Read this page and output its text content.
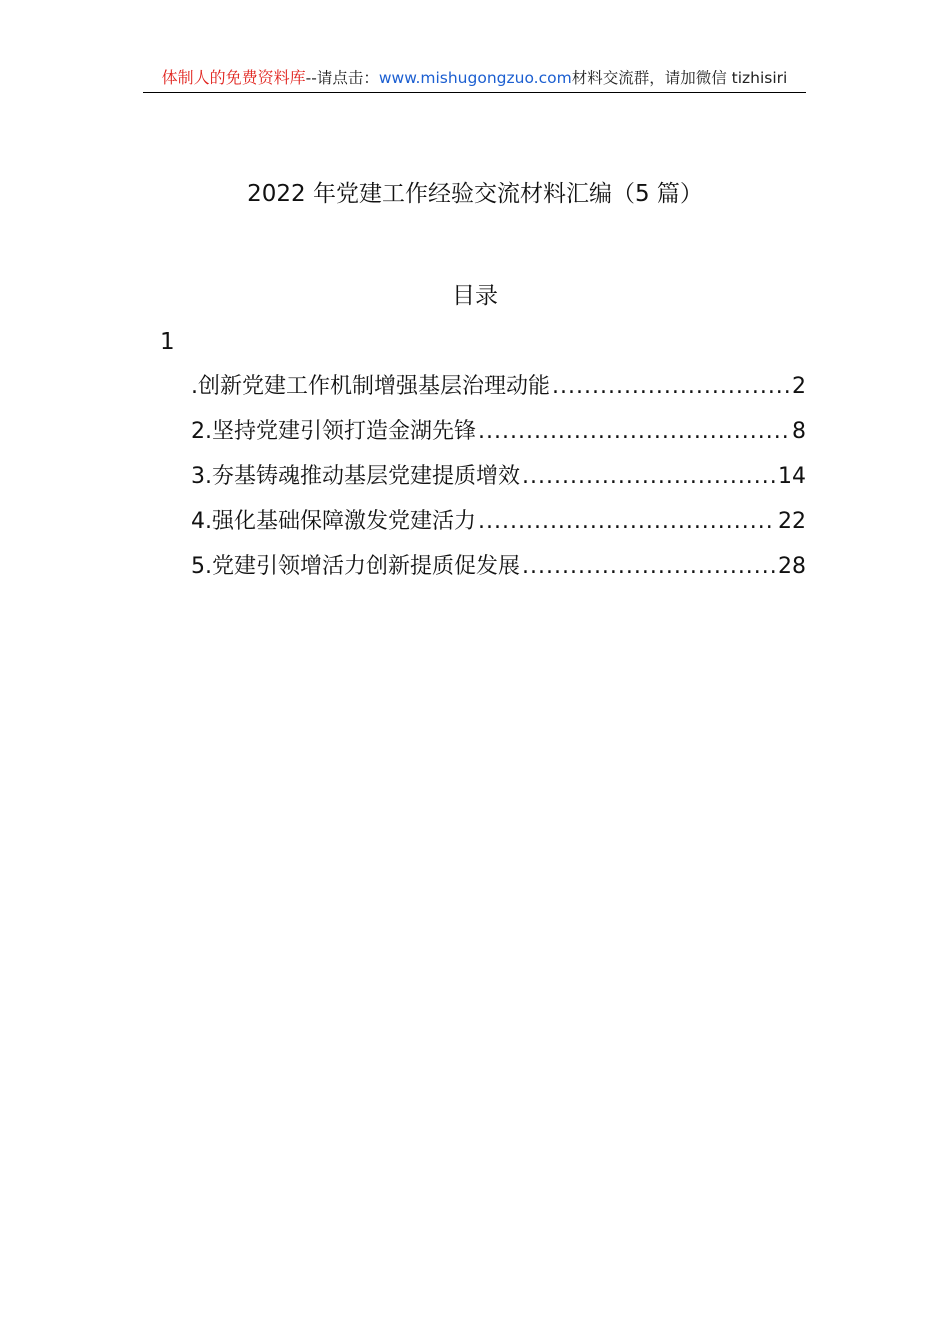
体制人的免费资料库--请点击：www.mishugongzuo.com材料交流群，请加微信 tizhisiri
2022 年党建工作经验交流材料汇编（5 篇）
目录
1
.创新党建工作机制增强基层治理动能 .....	2
2.坚持党建引领打造金湖先锋 .....	8
3.夯基铸魂推动基层党建提质增效 .....	14
4.强化基础保障激发党建活力 .....	22
5.党建引领增活力创新提质促发展 .....	28
